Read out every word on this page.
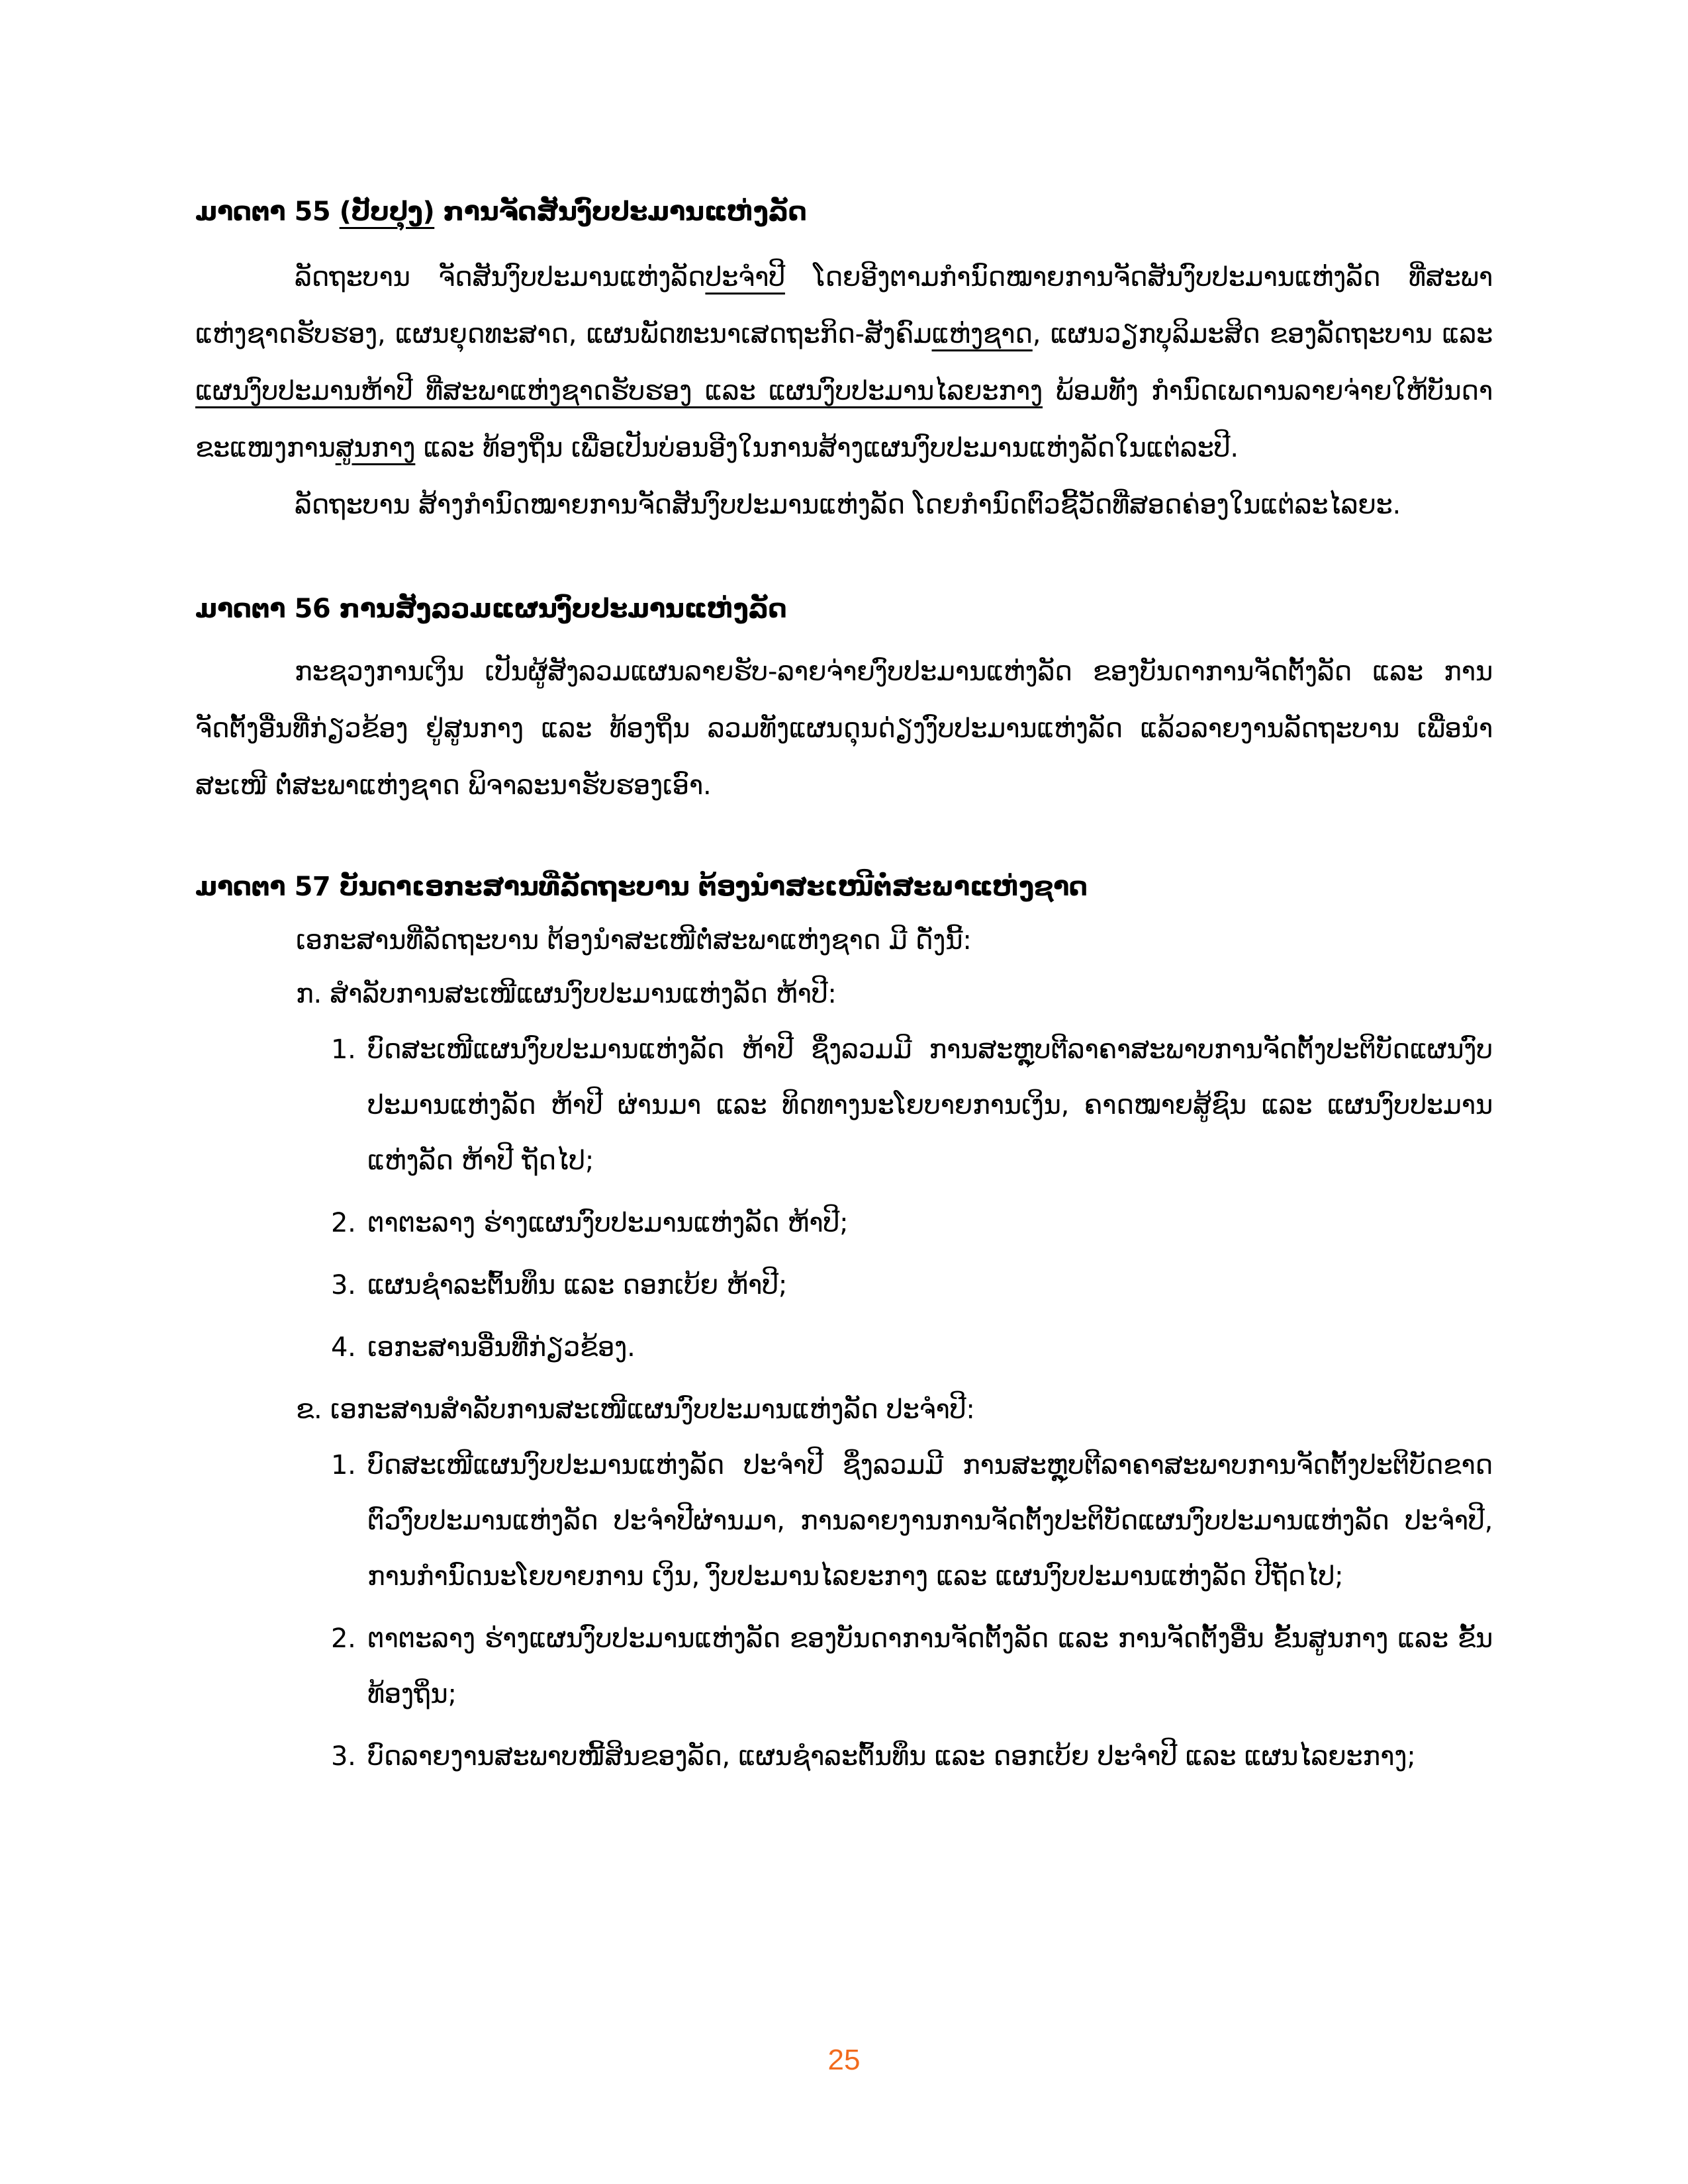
ມາດຕາ 55 (ປັບປຸງ) ການຈັດສັນງົບປະມານແຫ່ງລັດ

ລັດຖະບານ ຈັດສັນງົບປະມານແຫ່ງລັດປະຈໍາປີ ໂດຍອີງຕາມກໍານົດໝາຍການຈັດສັນງົບປະມານແຫ່ງລັດ ທີ່ສະພາແຫ່ງຊາດຮັບຮອງ, ແຜນຍຸດທະສາດ, ແຜນພັດທະນາເສດຖະກິດ-ສັງຄົມແຫ່ງຊາດ, ແຜນວຽກບຸລິມະສິດ ຂອງລັດຖະບານ ແລະ ແຜນງົບປະມານຫ້າປີ ທີ່ສະພາແຫ່ງຊາດຮັບຮອງ ແລະ ແຜນງົບປະມານໄລຍະກາງ ພ້ອມທັງ ກໍານົດເພດານລາຍຈ່າຍໃຫ້ບັນດາຂະແໜງການສູນກາງ ແລະ ທ້ອງຖິ່ນ ເພື່ອເປັນບ່ອນອີງໃນການສ້າງແຜນງົບປະມານແຫ່ງລັດໃນແຕ່ລະປີ.

ລັດຖະບານ ສ້າງກໍານົດໝາຍການຈັດສັນງົບປະມານແຫ່ງລັດ ໂດຍກໍານົດຕົວຊີ້ວັດທີ່ສອດຄ່ອງໃນແຕ່ລະໄລຍະ.

ມາດຕາ 56 ການສັງລວມແຜນງົບປະມານແຫ່ງລັດ

ກະຊວງການເງິນ ເປັນຜູ້ສັງລວມແຜນລາຍຮັບ-ລາຍຈ່າຍງົບປະມານແຫ່ງລັດ ຂອງບັນດາການຈັດຕັ້ງລັດ ແລະ ການຈັດຕັ້ງອື່ນທີ່ກ່ຽວຂ້ອງ ຢູ່ສູນກາງ ແລະ ທ້ອງຖິ່ນ ລວມທັງແຜນດຸນດ່ຽງງົບປະມານແຫ່ງລັດ ແລ້ວລາຍງານລັດຖະບານ ເພື່ອນໍາສະເໜີ ຕໍ່ສະພາແຫ່ງຊາດ ພິຈາລະນາຮັບຮອງເອົາ.

ມາດຕາ 57 ບັນດາເອກະສານທີ່ລັດຖະບານ ຕ້ອງນໍາສະເໜີຕໍ່ສະພາແຫ່ງຊາດ

ເອກະສານທີ່ລັດຖະບານ ຕ້ອງນໍາສະເໜີຕໍ່ສະພາແຫ່ງຊາດ ມີ ດັ່ງນີ້:

ກ. ສໍາລັບການສະເໜີແຜນງົບປະມານແຫ່ງລັດ ຫ້າປີ:

1. ບົດສະເໜີແຜນງົບປະມານແຫ່ງລັດ ຫ້າປີ ຊຶ່ງລວມມີ ການສະຫຼຸບຕີລາຄາສະພາບການຈັດຕັ້ງປະຕິບັດແຜນງົບປະມານແຫ່ງລັດ ຫ້າປີ ຜ່ານມາ ແລະ ທິດທາງນະໂຍບາຍການເງິນ, ຄາດໝາຍສູ້ຊົນ ແລະ ແຜນງົບປະມານແຫ່ງລັດ ຫ້າປີ ຖັດໄປ;
2. ຕາຕະລາງ ຮ່າງແຜນງົບປະມານແຫ່ງລັດ ຫ້າປີ;
3. ແຜນຊໍາລະຕົ້ນທຶນ ແລະ ດອກເບ້ຍ ຫ້າປີ;
4. ເອກະສານອື່ນທີ່ກ່ຽວຂ້ອງ.

ຂ. ເອກະສານສໍາລັບການສະເໜີແຜນງົບປະມານແຫ່ງລັດ ປະຈໍາປີ:

1. ບົດສະເໜີແຜນງົບປະມານແຫ່ງລັດ ປະຈໍາປີ ຊຶ່ງລວມມີ ການສະຫຼຸບຕີລາຄາສະພາບການຈັດຕັ້ງປະຕິບັດຂາດຕົວງົບປະມານແຫ່ງລັດ ປະຈໍາປີຜ່ານມາ, ການລາຍງານການຈັດຕັ້ງປະຕິບັດແຜນງົບປະມານແຫ່ງລັດ ປະຈໍາປີ, ການກໍານົດນະໂຍບາຍການ ເງິນ, ງົບປະມານໄລຍະກາງ ແລະ ແຜນງົບປະມານແຫ່ງລັດ ປີຖັດໄປ;
2. ຕາຕະລາງ ຮ່າງແຜນງົບປະມານແຫ່ງລັດ ຂອງບັນດາການຈັດຕັ້ງລັດ ແລະ ການຈັດຕັ້ງອື່ນ ຂັ້ນສູນກາງ ແລະ ຂັ້ນທ້ອງຖິ່ນ;
3. ບົດລາຍງານສະພາບໜີ້ສິນຂອງລັດ, ແຜນຊໍາລະຕົ້ນທຶນ ແລະ ດອກເບ້ຍ ປະຈໍາປີ ແລະ ແຜນໄລຍະກາງ;
25
